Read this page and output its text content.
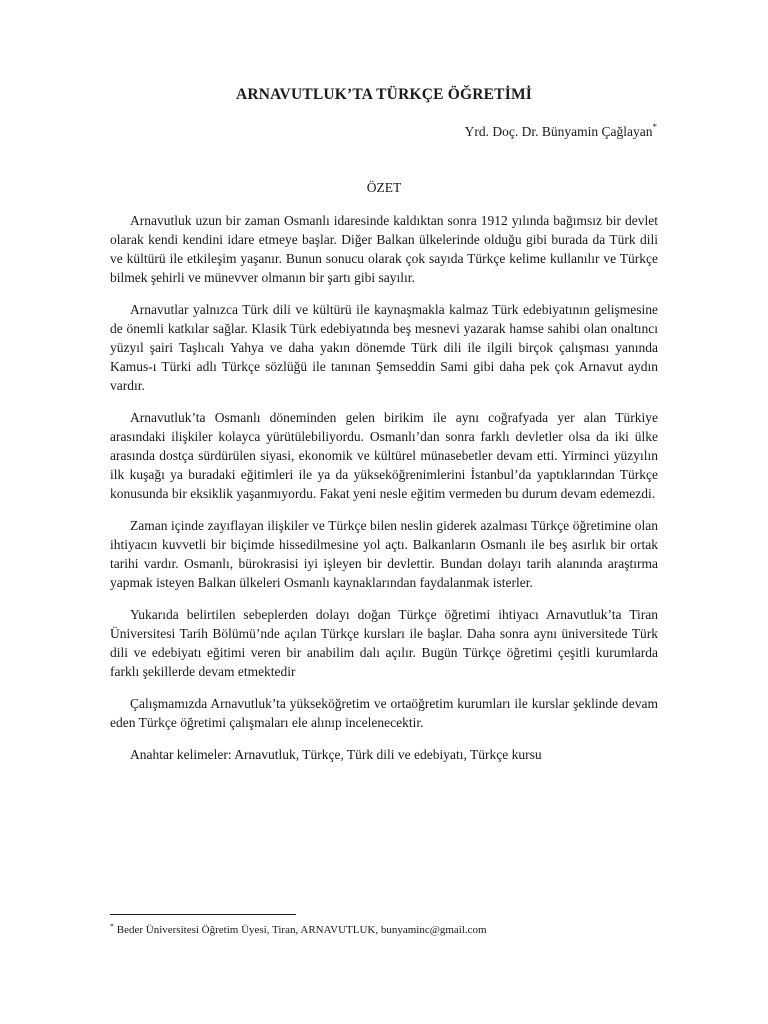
ARNAVUTLUK’TA TÜRKÇE ÖĞRETİMİ
Yrd. Doç. Dr. Bünyamin Çağlayan*
ÖZET

Arnavutluk uzun bir zaman Osmanlı idaresinde kaldıktan sonra 1912 yılında bağımsız bir devlet olarak kendi kendini idare etmeye başlar. Diğer Balkan ülkelerinde olduğu gibi burada da Türk dili ve kültürü ile etkileşim yaşanır. Bunun sonucu olarak çok sayıda Türkçe kelime kullanılır ve Türkçe bilmek şehirli ve münevver olmanın bir şartı gibi sayılır.

Arnavutlar yalnızca Türk dili ve kültürü ile kaynaşmakla kalmaz Türk edebiyatının gelişmesine de önemli katkılar sağlar. Klasik Türk edebiyatında beş mesnevi yazarak hamse sahibi olan onaltıncı yüzyıl şairi Taşlıcalı Yahya ve daha yakın dönemde Türk dili ile ilgili birçok çalışması yanında Kamus-ı Türki adlı Türkçe sözlüğü ile tanınan Şemseddin Sami gibi daha pek çok Arnavut aydın vardır.

Arnavutluk’ta Osmanlı döneminden gelen birikim ile aynı coğrafyada yer alan Türkiye arasındaki ilişkiler kolayca yürütülebiliyordu. Osmanlı’dan sonra farklı devletler olsa da iki ülke arasında dostça sürdürülen siyasi, ekonomik ve kültürel münasebetler devam etti. Yirminci yüzyılın ilk kuşağı ya buradaki eğitimleri ile ya da yükseköğrenimlerini İstanbul’da yaptıklarından Türkçe konusunda bir eksiklik yaşanmıyordu. Fakat yeni nesle eğitim vermeden bu durum devam edemezdi.

Zaman içinde zayıflayan ilişkiler ve Türkçe bilen neslin giderek azalması Türkçe öğretimine olan ihtiyacın kuvvetli bir biçimde hissedilmesine yol açtı. Balkanların Osmanlı ile beş asırlık bir ortak tarihi vardır. Osmanlı, bürokrasisi iyi işleyen bir devlettir. Bundan dolayı tarih alanında araştırma yapmak isteyen Balkan ülkeleri Osmanlı kaynaklarından faydalanmak isterler.

Yukarıda belirtilen sebeplerden dolayı doğan Türkçe öğretimi ihtiyacı Arnavutluk’ta Tiran Üniversitesi Tarih Bölümü’nde açılan Türkçe kursları ile başlar. Daha sonra aynı üniversitede Türk dili ve edebiyatı eğitimi veren bir anabilim dalı açılır. Bugün Türkçe öğretimi çeşitli kurumlarda farklı şekillerde devam etmektedir

Çalışmamızda Arnavutluk’ta yükseköğretim ve ortaöğretim kurumları ile kurslar şeklinde devam eden Türkçe öğretimi çalışmaları ele alınıp incelenecektir.

Anahtar kelimeler: Arnavutluk, Türkçe, Türk dili ve edebiyatı, Türkçe kursu

* Beder Üniversitesi Öğretim Üyesi, Tiran, ARNAVUTLUK, bunyaminc@gmail.com
